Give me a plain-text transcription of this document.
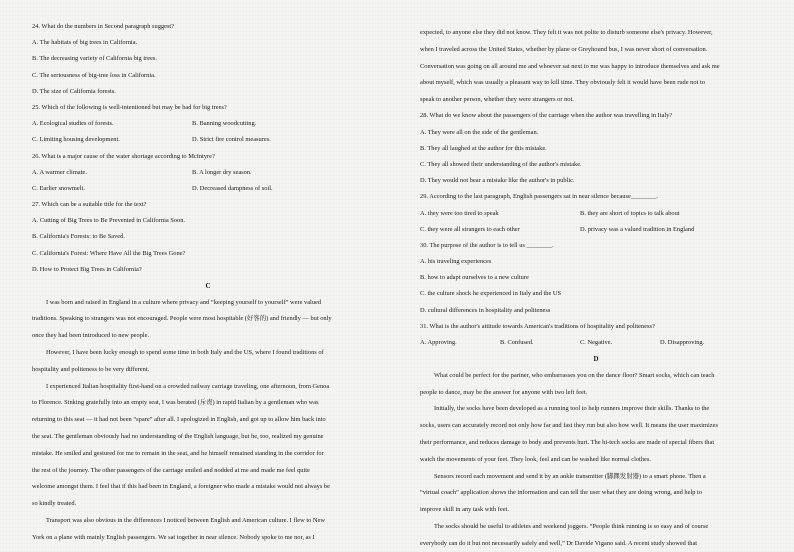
24. What do the numbers in Second paragraph suggest?
A. The habitats of big trees in California.
B. The decreasing variety of California big trees.
C. The seriousness of big-tree loss in California.
D. The size of California forests.
25. Which of the following is well-intentioned but may be bad for big trees?
A. Ecological studies of forests.	B. Banning woodcutting.
C. Limiting housing development.	D. Strict fire control measures.
26. What is a major cause of the water shortage according to McIntyre?
A. A warmer climate.	B. A longer dry season.
C. Earlier snowmelt.	D. Decreased dampness of soil.
27. Which can be a suitable title for the text?
A. Cutting of Big Trees to Be Prevented in California Soon.
B. California's Forests: to Be Saved.
C. California's Forest: Where Have All the Big Trees Gone?
D. How to Protect Big Trees in California?
C
I was born and raised in England in a culture where privacy and “keeping yourself to yourself” were valued
traditions. Speaking to strangers was not encouraged. People were most hospitable (好客的) and friendly — but only
once they had been introduced to new people.
However, I have been lucky enough to spend some time in both Italy and the US, where I found traditions of
hospitality and politeness to be very different.
I experienced Italian hospitality first-hand on a crowded railway carriage traveling, one afternoon, from Genoa
to Florence. Sinking gratefully into an empty seat, I was berated (斥责) in rapid Italian by a gentleman who was
returning to this seat — it had not been “spare” after all. I apologized in English, and got up to allow him back into
the seat. The gentleman obviously had no understanding of the English language, but he, too, realized my genuine
mistake. He smiled and gestured for me to remain in the seat, and he himself remained standing in the corridor for
the rest of the journey. The other passengers of the carriage smiled and nodded at me and made me feel quite
welcome amongst them. I feel that if this had been in England, a foreigner who made a mistake would not always be
so kindly treated.
Transport was also obvious in the differences I noticed between English and American culture. I flew to New
York on a plane with mainly English passengers. We sat together in near silence. Nobody spoke to me nor, as I
expected, to anyone else they did not know. They felt it was not polite to disturb someone else's privacy. However,
when I traveled across the United States, whether by plane or Greyhound bus, I was never short of conversation.
Conversation was going on all around me and whoever sat next to me was happy to introduce themselves and ask me
about myself, which was usually a pleasant way to kill time. They obviously felt it would have been rude not to
speak to another person, whether they were strangers or not.
28. What do we know about the passengers of the carriage when the author was travelling in Italy?
A. They were all on the side of the gentleman.
B. They all laughed at the author for this mistake.
C. They all showed their understanding of the author's mistake.
D. They would not bear a mistake like the author's in public.
29. According to the last paragraph, English passengers sat in near silence because________.
A. they were too tired to speak	B. they are short of topics to talk about
C. they were all strangers to each other	D. privacy was a valued tradition in England
30. The purpose of the author is to tell us ________.
A. his traveling experiences
B. how to adapt ourselves to a new culture
C. the culture shock he experienced in Italy and the US
D. cultural differences in hospitality and politeness
31. What is the author's attitude towards American's traditions of hospitality and politeness?
A. Approving.	B. Confused.	C. Negative.	D. Disapproving.
D
What could be perfect for the partner, who embarrasses you on the dance floor? Smart socks, which can teach
people to dance, may be the answer for anyone with two left feet.
Initially, the socks have been developed as a running tool to help runners improve their skills. Thanks to the
socks, users can accurately record not only how far and fast they run but also how well. It means the user maximizes
their performance, and reduces damage to body and prevents hurt. The hi-tech socks are made of special fibers that
watch the movements of your feet. They look, feel and can be washed like normal clothes.
Sensors record each movement and send it by an ankle transmitter (脚踝发射器) to a smart phone. Then a
“virtual coach” application shows the information and can tell the user what they are doing wrong, and help to
improve skill in any task with feet.
The socks should be useful to athletes and weekend joggers. “People think running is so easy and of course
everybody can do it but not necessarily safely and well,” Dr Davide Vigano said. A recent study showed that
